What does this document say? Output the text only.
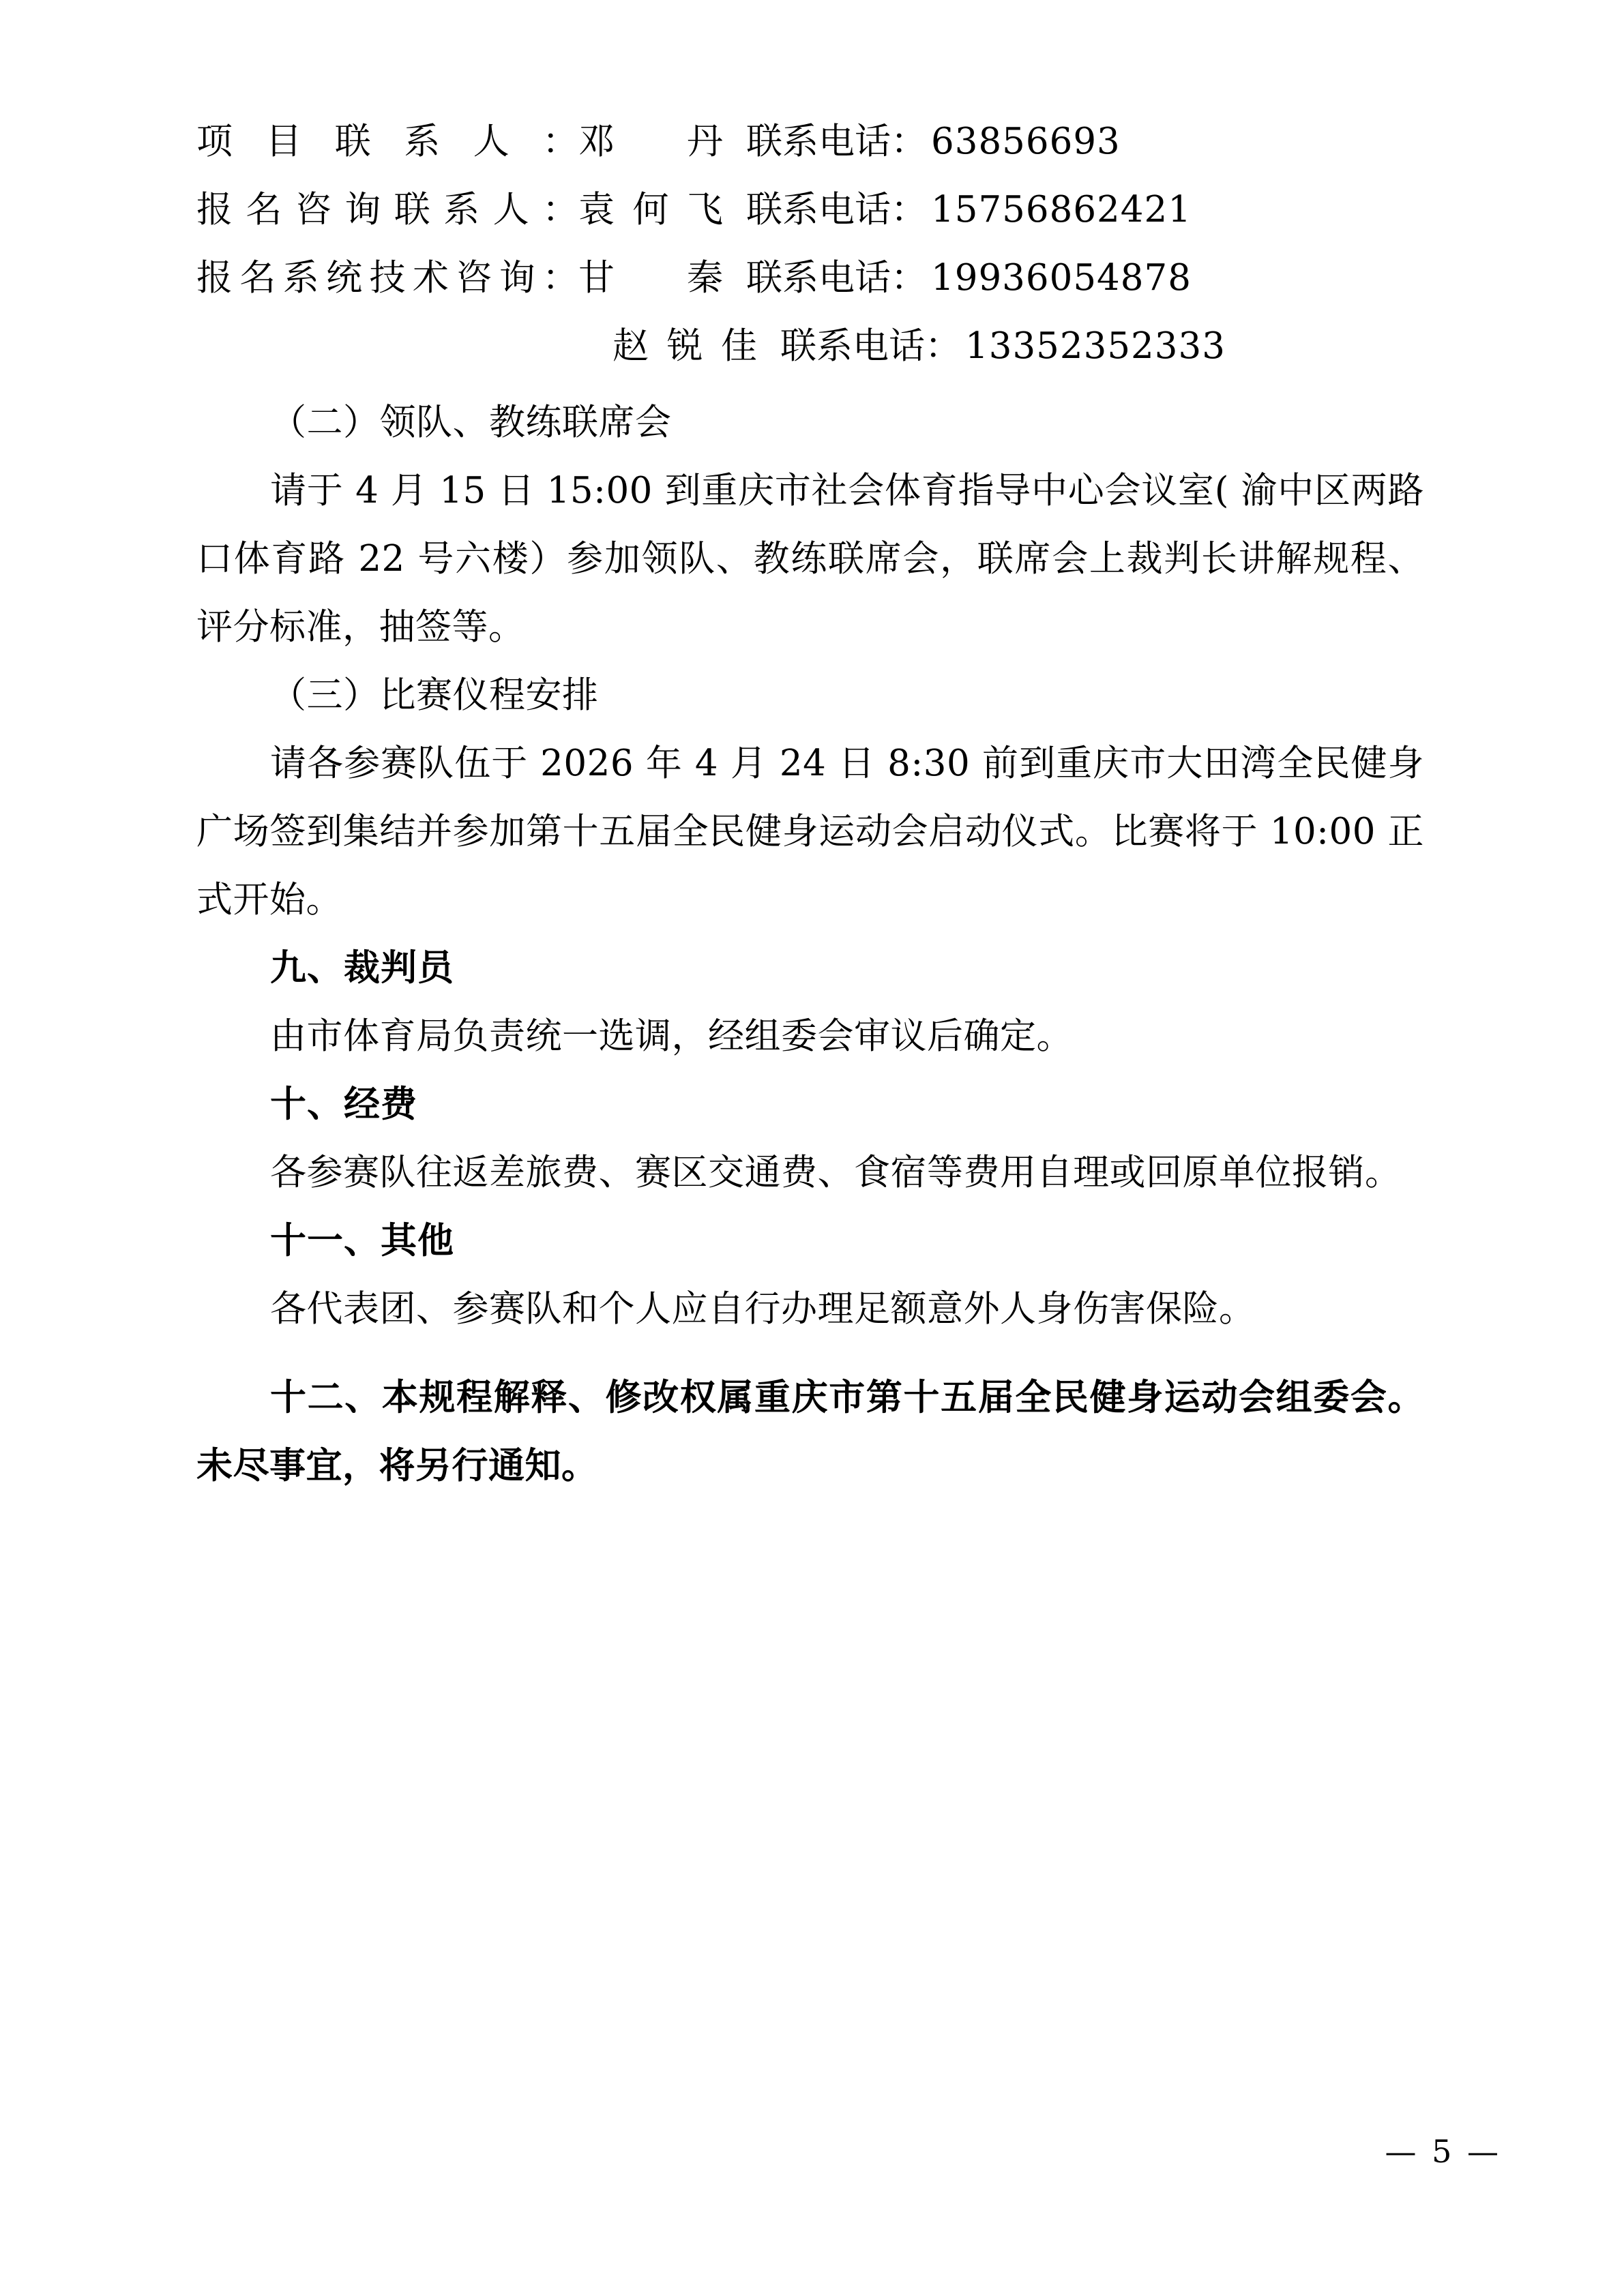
项目联系人： 邓　丹 联系电话： 63856693
报名咨询联系人： 袁何飞 联系电话： 15756862421
报名系统技术咨询： 甘　秦 联系电话： 19936054878
赵锐佳 联系电话： 13352352333

（二）领队、教练联席会

请于 4 月 15 日 15:00 到重庆市社会体育指导中心会议室( 渝中区两路口体育路 22 号六楼）参加领队、教练联席会，联席会上裁判长讲解规程、评分标准，抽签等。

（三）比赛仪程安排

请各参赛队伍于 2026 年 4 月 24 日 8:30 前到重庆市大田湾全民健身广场签到集结并参加第十五届全民健身运动会启动仪式。比赛将于 10:00 正式开始。

九、裁判员

由市体育局负责统一选调，经组委会审议后确定。

十、经费

各参赛队往返差旅费、赛区交通费、食宿等费用自理或回原单位报销。

十一、其他

各代表团、参赛队和个人应自行办理足额意外人身伤害保险。

十二、本规程解释、修改权属重庆市第十五届全民健身运动会组委会。未尽事宜，将另行通知。

— 5 —
